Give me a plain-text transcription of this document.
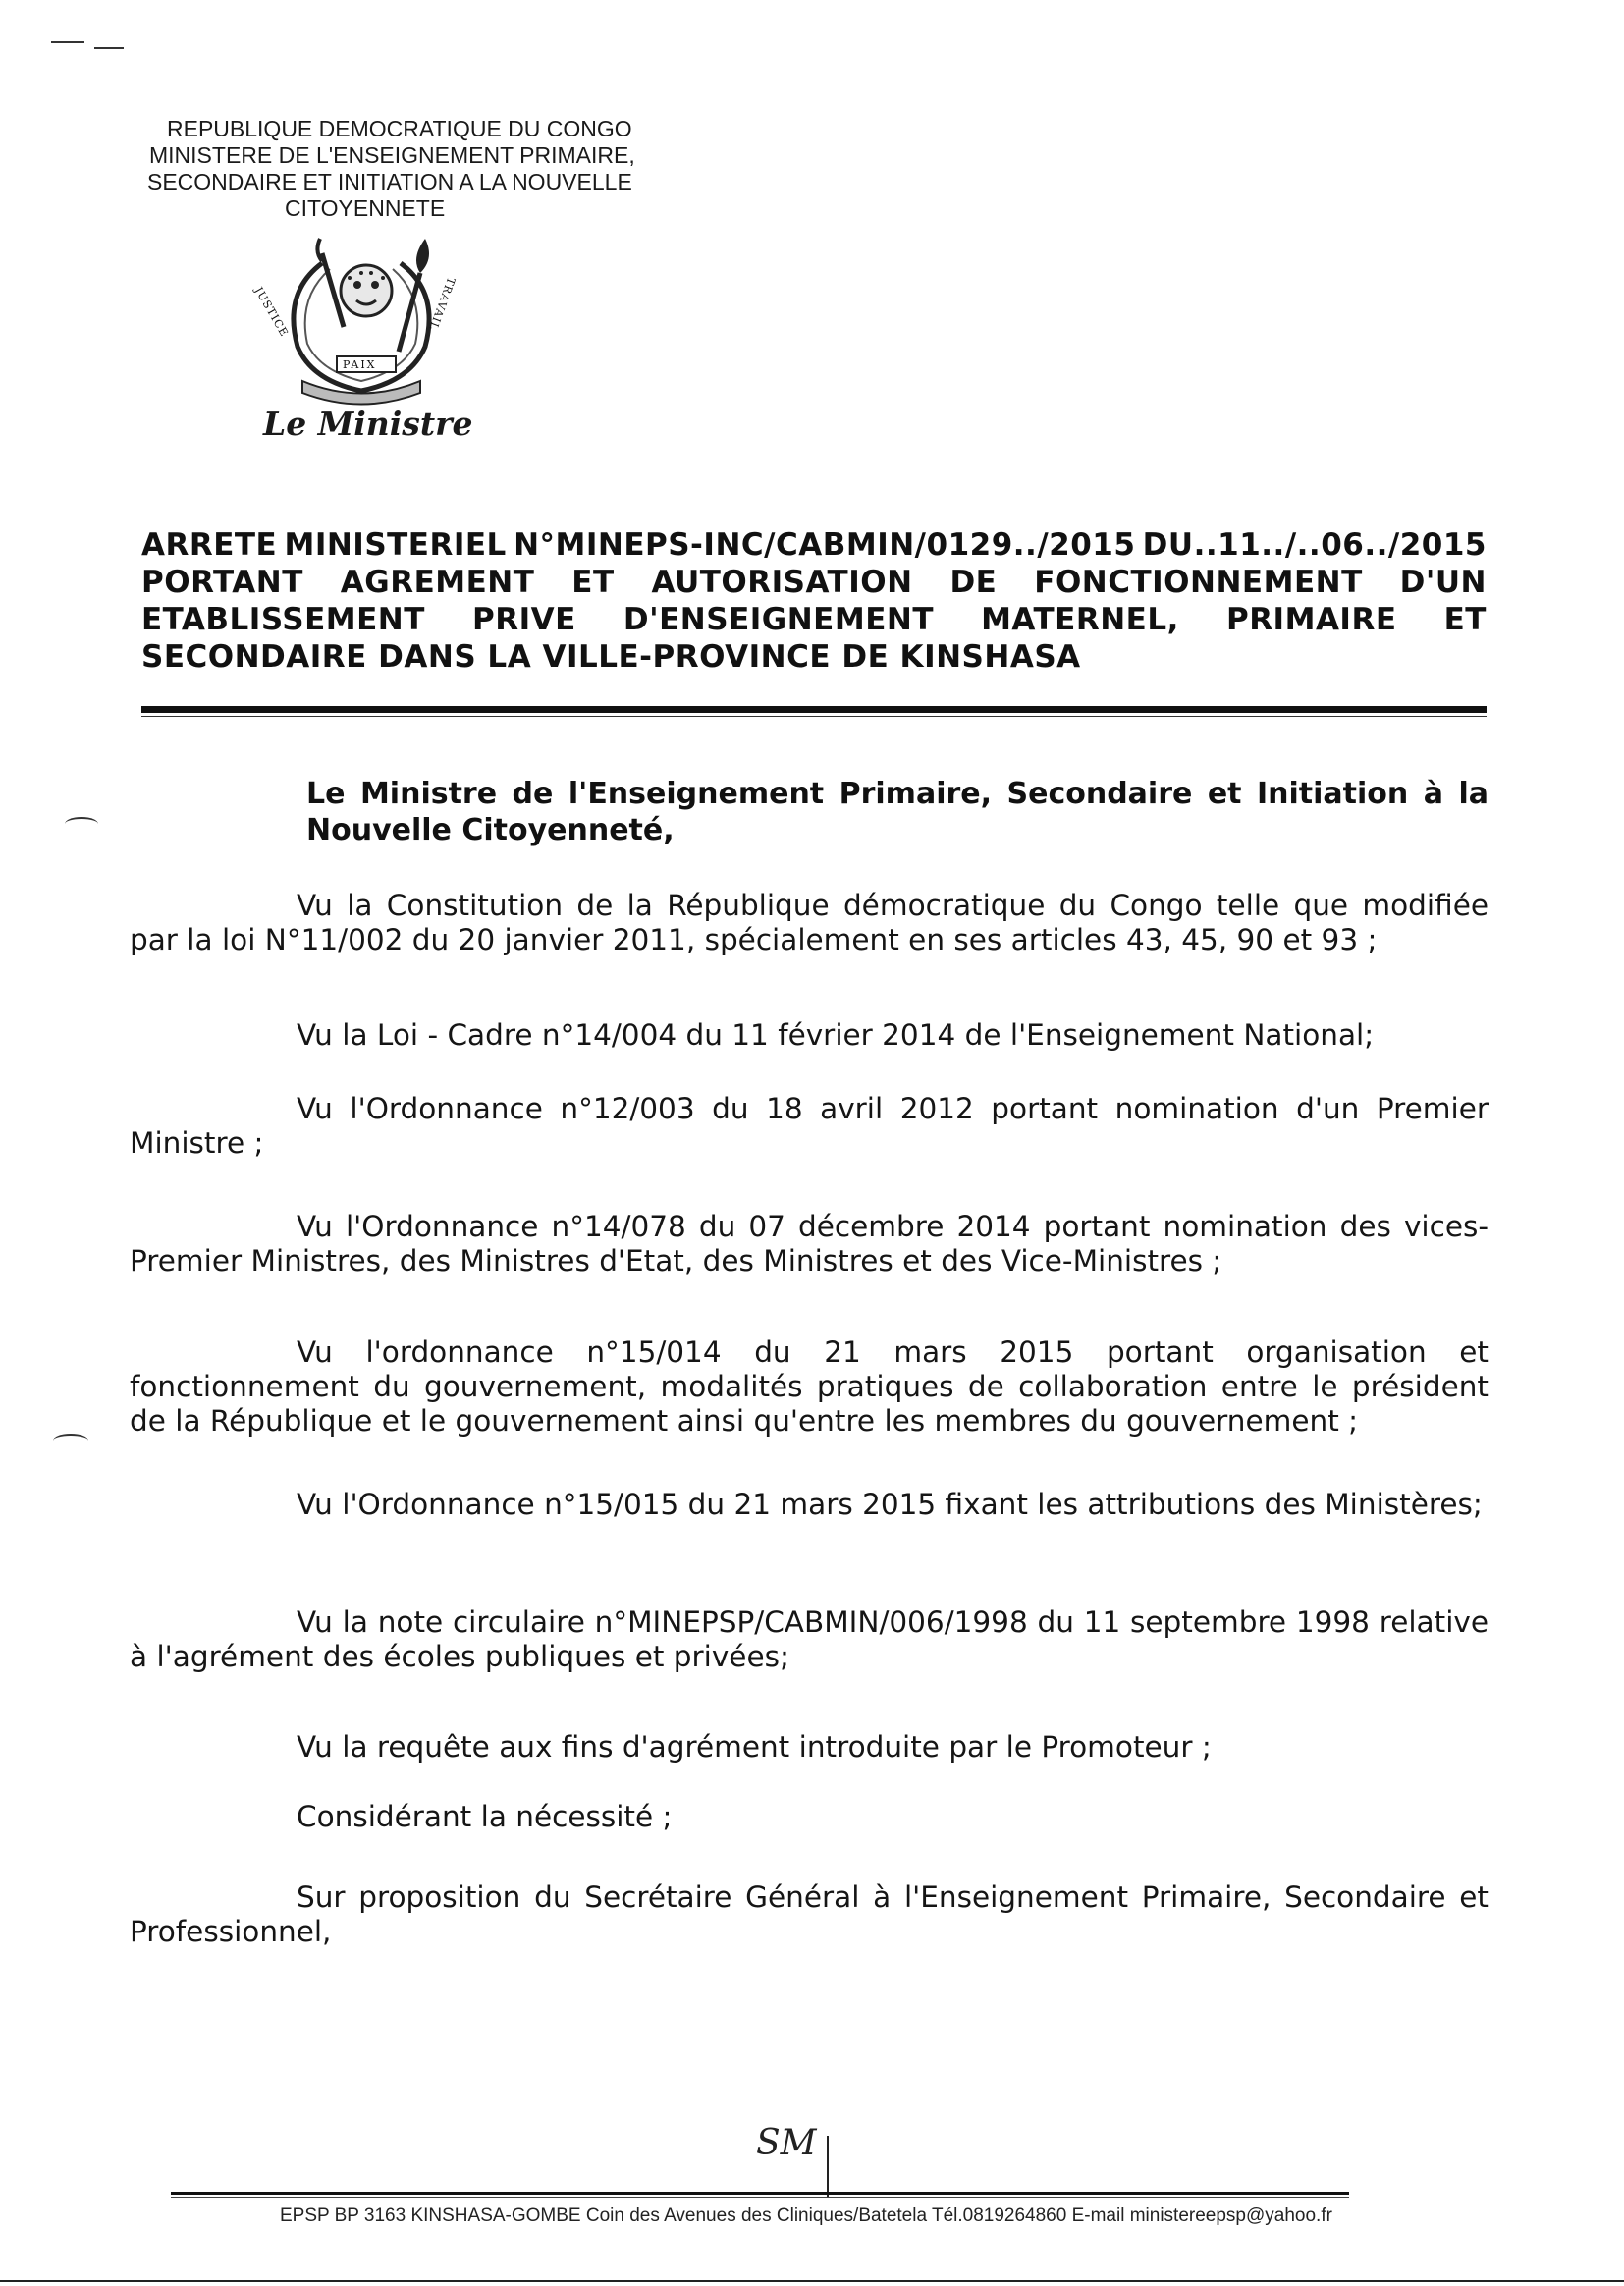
REPUBLIQUE DEMOCRATIQUE DU CONGO
MINISTERE DE L'ENSEIGNEMENT PRIMAIRE,
SECONDAIRE ET INITIATION A LA NOUVELLE
CITOYENNETE
JUSTICE
PAIX
TRAVAIL
Le Ministre
ARRETE MINISTERIEL N°MINEPS-INC/CABMIN/0129../2015 DU..11../..06../2015
PORTANT AGREMENT ET AUTORISATION DE FONCTIONNEMENT D'UN
ETABLISSEMENT PRIVE D'ENSEIGNEMENT MATERNEL, PRIMAIRE ET
SECONDAIRE DANS LA VILLE-PROVINCE DE KINSHASA
Le Ministre de l'Enseignement Primaire, Secondaire et Initiation à la Nouvelle Citoyenneté,
Vu la Constitution de la République démocratique du Congo telle que modifiée par la loi N°11/002 du 20 janvier 2011, spécialement en ses articles 43, 45, 90 et 93 ;
Vu la Loi - Cadre n°14/004 du 11 février 2014 de l'Enseignement National;
Vu l'Ordonnance n°12/003 du 18 avril 2012 portant nomination d'un Premier Ministre ;
Vu l'Ordonnance n°14/078 du 07 décembre 2014 portant nomination des vices-Premier Ministres, des Ministres d'Etat, des Ministres et des Vice-Ministres ;
Vu l'ordonnance n°15/014 du 21 mars 2015 portant organisation et fonctionnement du gouvernement, modalités pratiques de collaboration entre le président de la République et le gouvernement ainsi qu'entre les membres du gouvernement ;
Vu l'Ordonnance n°15/015 du 21 mars 2015 fixant les attributions des Ministères;
Vu la note circulaire n°MINEPSP/CABMIN/006/1998 du 11 septembre 1998 relative à l'agrément des écoles publiques et privées;
Vu la requête aux fins d'agrément introduite par le Promoteur ;
Considérant la nécessité ;
Sur proposition du Secrétaire Général à l'Enseignement Primaire, Secondaire et Professionnel,
SM
EPSP BP 3163 KINSHASA-GOMBE Coin des Avenues des Cliniques/Batetela Tél.0819264860 E-mail ministereepsp@yahoo.fr
